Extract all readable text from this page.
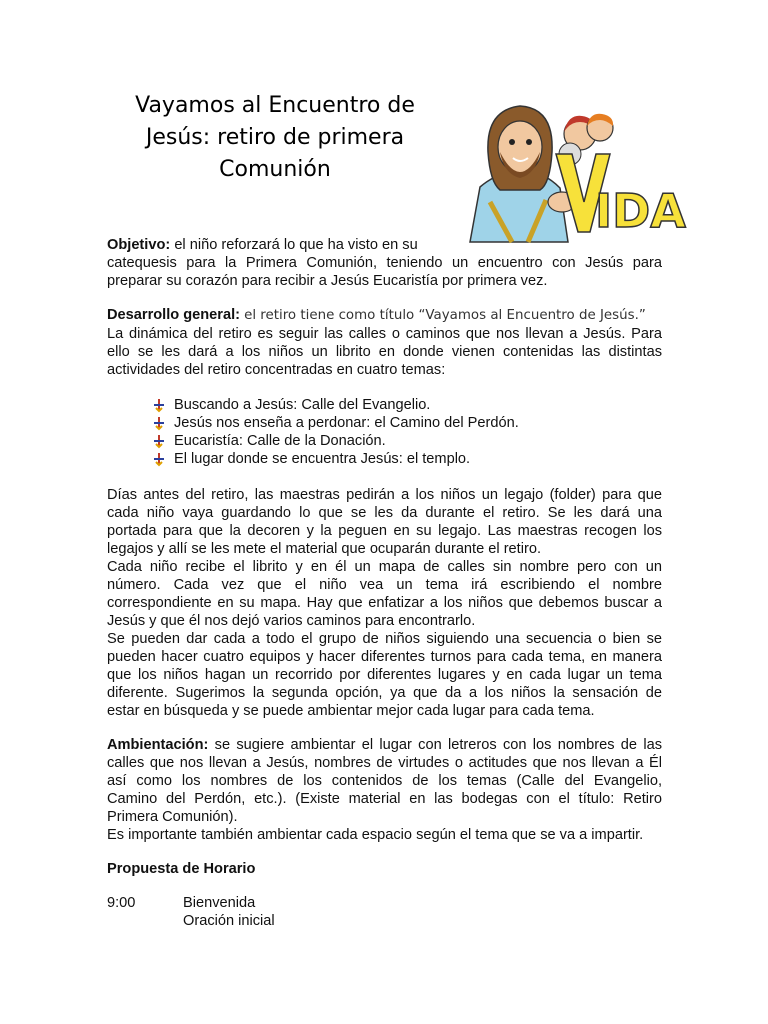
Vayamos al Encuentro de
Jesús: retiro de primera
Comunión
IDA

Objetivo: el niño reforzará lo que ha visto en su
catequesis para la Primera Comunión, teniendo un encuentro con Jesús para
preparar su corazón para recibir a Jesús Eucaristía por primera vez.

Desarrollo general: el retiro tiene como título “Vayamos al Encuentro de Jesús.”
La dinámica del retiro es seguir las calles o caminos que nos llevan a Jesús. Para
ello se les dará a los niños un librito en donde vienen contenidas las distintas
actividades del retiro concentradas en cuatro temas:

Buscando a Jesús: Calle del Evangelio.
Jesús nos enseña a perdonar: el Camino del Perdón.
Eucaristía: Calle de la Donación.
El lugar donde se encuentra Jesús: el templo.

Días antes del retiro, las maestras pedirán a los niños un legajo (folder) para que
cada niño vaya guardando lo que se les da durante el retiro. Se les dará una
portada para que la decoren y la peguen en su legajo. Las maestras recogen los
legajos y allí se les mete el material que ocuparán durante el retiro.
Cada niño recibe el librito y en él un mapa de calles sin nombre pero con un
número. Cada vez que el niño vea un tema irá escribiendo el nombre
correspondiente en su mapa. Hay que enfatizar a los niños que debemos buscar a
Jesús y que él nos dejó varios caminos para encontrarlo.
Se pueden dar cada a todo el grupo de niños siguiendo una secuencia o bien se
pueden hacer cuatro equipos y hacer diferentes turnos para cada tema, en manera
que los niños hagan un recorrido por diferentes lugares y en cada lugar un tema
diferente. Sugerimos la segunda opción, ya que da a los niños la sensación de
estar en búsqueda y se puede ambientar mejor cada lugar para cada tema.

Ambientación: se sugiere ambientar el lugar con letreros con los nombres de las
calles que nos llevan a Jesús, nombres de virtudes o actitudes que nos llevan a Él
así como los nombres de los contenidos de los temas (Calle del Evangelio,
Camino del Perdón, etc.). (Existe material en las bodegas con el título: Retiro
Primera Comunión).
Es importante también ambientar cada espacio según el tema que se va a impartir.

Propuesta de Horario
9:00	Bienvenida
Oración inicial
